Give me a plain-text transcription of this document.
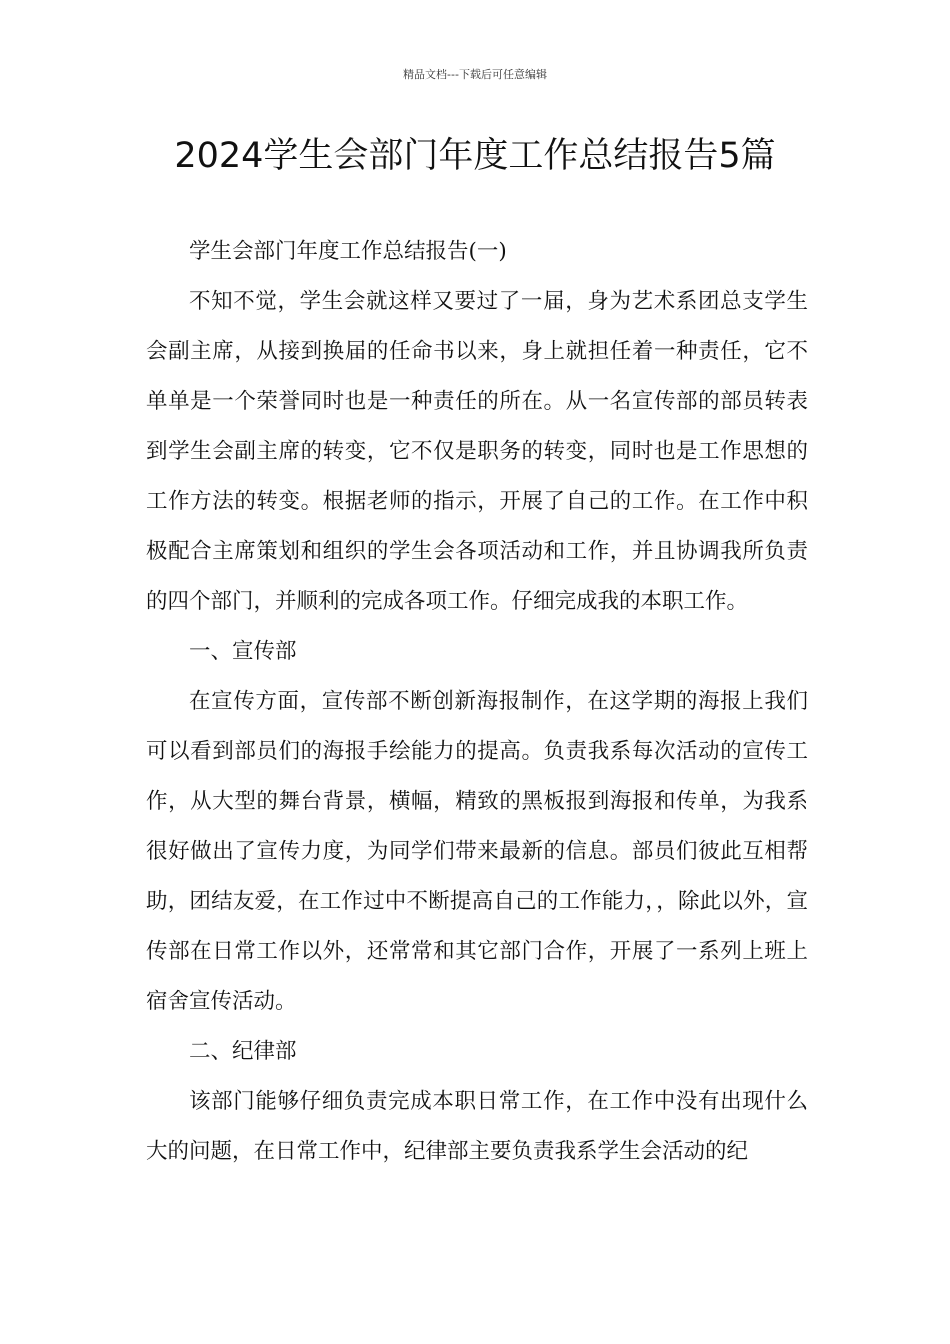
精品文档---下载后可任意编辑
2024学生会部门年度工作总结报告5篇

学生会部门年度工作总结报告(一)

不知不觉，学生会就这样又要过了一届，身为艺术系团总支学生会副主席，从接到换届的任命书以来，身上就担任着一种责任，它不单单是一个荣誉同时也是一种责任的所在。从一名宣传部的部员转表到学生会副主席的转变，它不仅是职务的转变，同时也是工作思想的工作方法的转变。根据老师的指示，开展了自己的工作。在工作中积极配合主席策划和组织的学生会各项活动和工作，并且协调我所负责的四个部门，并顺利的完成各项工作。仔细完成我的本职工作。

一、宣传部

在宣传方面，宣传部不断创新海报制作，在这学期的海报上我们可以看到部员们的海报手绘能力的提高。负责我系每次活动的宣传工作，从大型的舞台背景，横幅，精致的黑板报到海报和传单，为我系很好做出了宣传力度，为同学们带来最新的信息。部员们彼此互相帮助，团结友爱，在工作过中不断提高自己的工作能力，，除此以外，宣传部在日常工作以外，还常常和其它部门合作，开展了一系列上班上宿舍宣传活动。

二、纪律部

该部门能够仔细负责完成本职日常工作，在工作中没有出现什么大的问题，在日常工作中，纪律部主要负责我系学生会活动的纪
